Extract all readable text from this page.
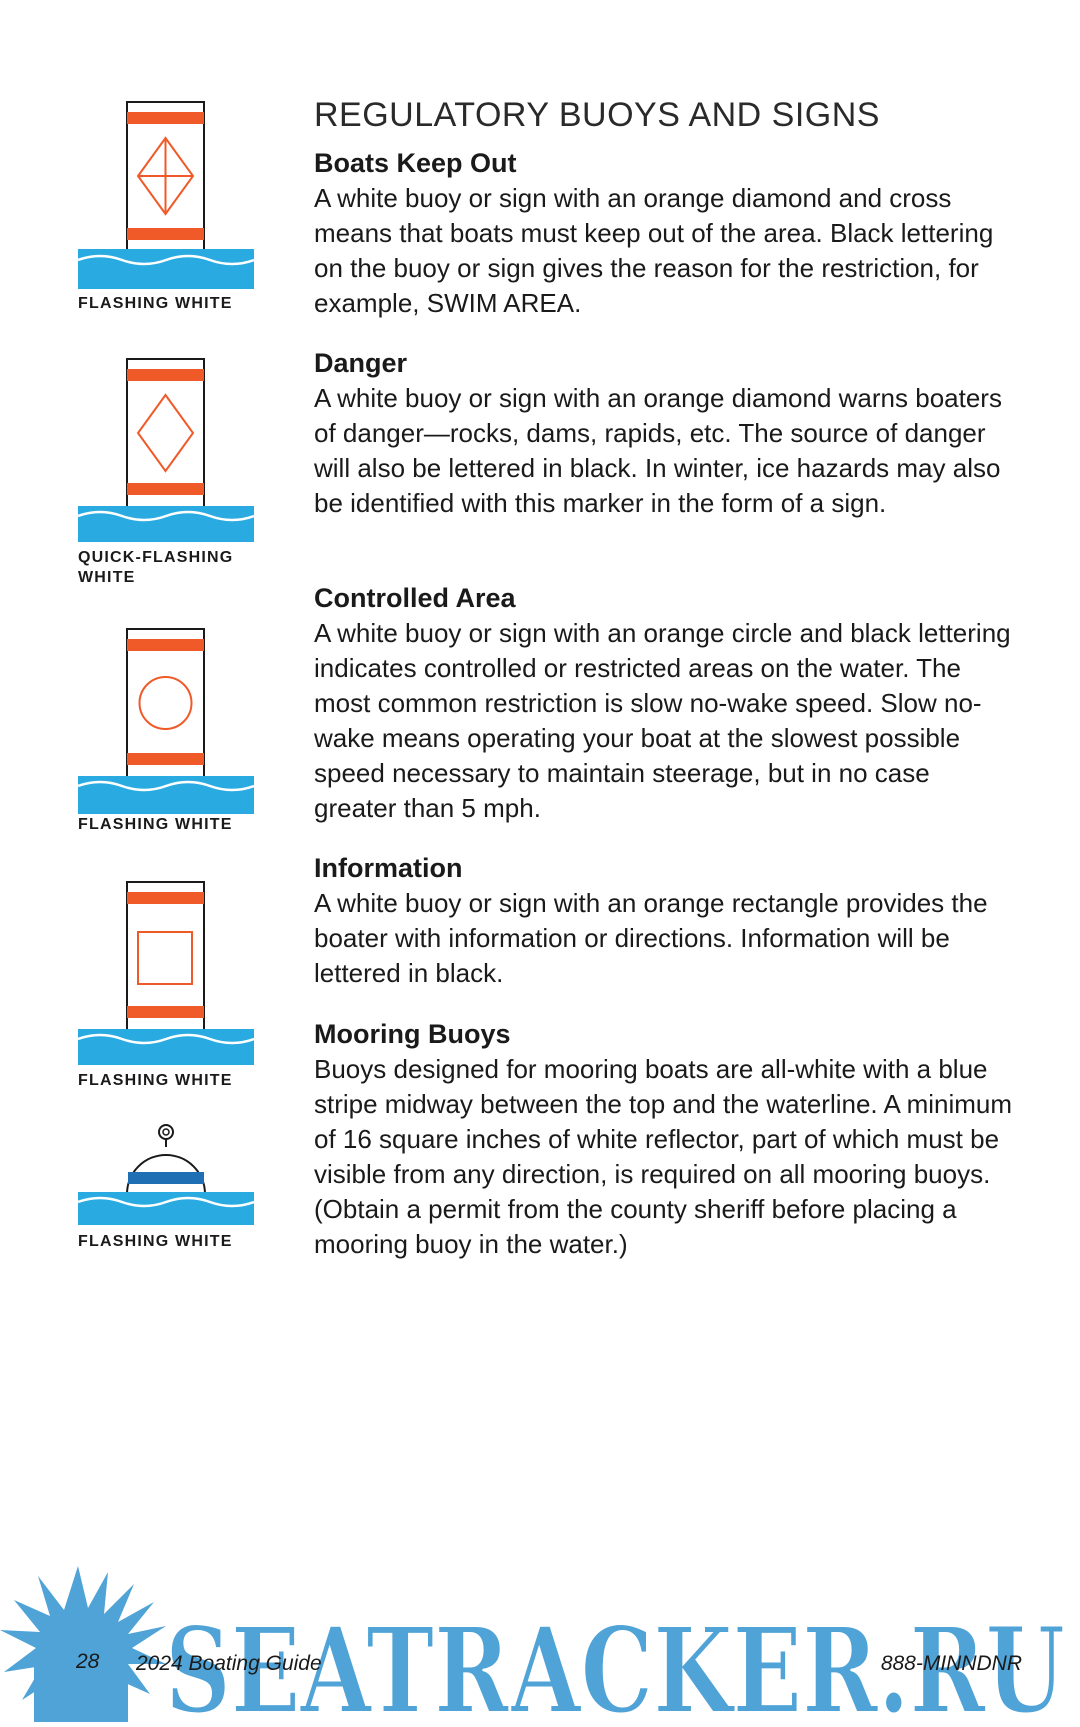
REGULATORY BUOYS AND SIGNS
Boats Keep Out

A white buoy or sign with an orange diamond and cross means that boats must keep out of the area. Black lettering on the buoy or sign gives the reason for the restriction, for example, SWIM AREA.

Danger

A white buoy or sign with an orange diamond warns boaters of danger—rocks, dams, rapids, etc. The source of danger will also be lettered in black. In winter, ice hazards may also be identified with this marker in the form of a sign.

Controlled Area

A white buoy or sign with an orange circle and black lettering indicates controlled or restricted areas on the water. The most common restriction is slow no-wake speed. Slow no-wake means operating your boat at the slowest possible speed necessary to maintain steerage, but in no case greater than 5 mph.

Information

A white buoy or sign with an orange rectangle provides the boater with information or directions. Information will be lettered in black.

Mooring Buoys

Buoys designed for mooring boats are all-white with a blue stripe midway between the top and the waterline. A minimum of 16 square inches of white reflector, part of which must be visible from any direction, is required on all mooring buoys. (Obtain a permit from the county sheriff before placing a mooring buoy in the water.)

FLASHING WHITE
QUICK-FLASHING WHITE
FLASHING WHITE
FLASHING WHITE
FLASHING WHITE
SEATRACKER.RU
28 2024 Boating Guide	888-MINNDNR
